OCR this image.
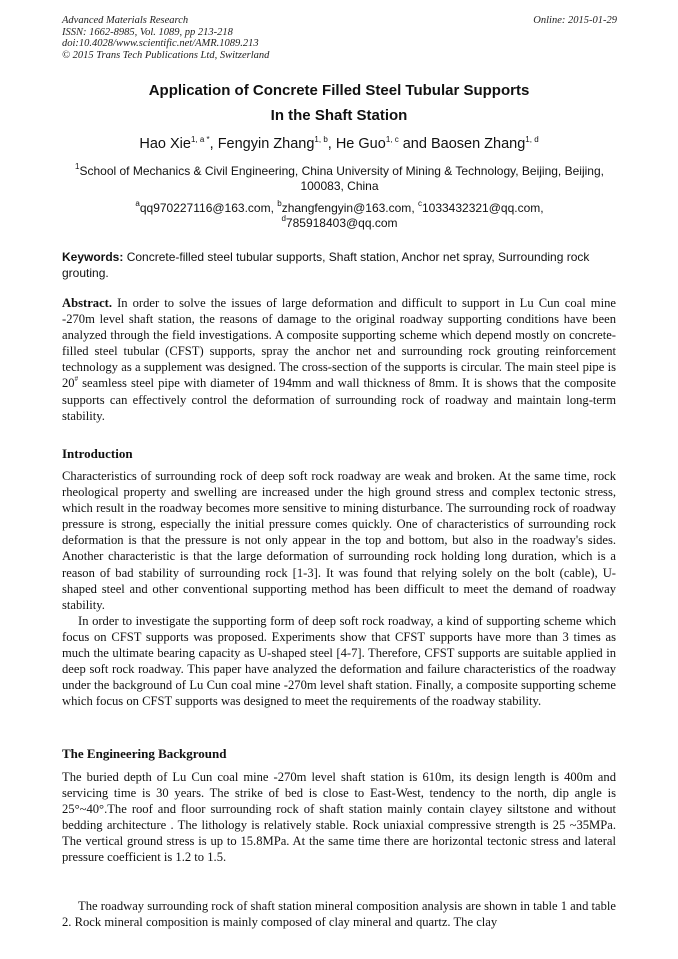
Advanced Materials Research
ISSN: 1662-8985, Vol. 1089, pp 213-218
doi:10.4028/www.scientific.net/AMR.1089.213
© 2015 Trans Tech Publications Ltd, Switzerland
Online: 2015-01-29
Application of Concrete Filled Steel Tubular Supports
In the Shaft Station
Hao Xie$^{1, a *}$, Fengyin Zhang$^{1, b}$, He Guo$^{1, c}$ and Baosen Zhang$^{1, d}$
$^1$School of Mechanics & Civil Engineering, China University of Mining & Technology, Beijing, Beijing, 100083, China
$^a$qq970227116@163.com, $^b$zhangfengyin@163.com, $^c$1033432321@qq.com,
$^d$785918403@qq.com
Keywords: Concrete-filled steel tubular supports, Shaft station, Anchor net spray, Surrounding rock grouting.
Abstract. In order to solve the issues of large deformation and difficult to support in Lu Cun coal mine -270m level shaft station, the reasons of damage to the original roadway supporting conditions have been analyzed through the field investigations. A composite supporting scheme which depend mostly on concrete-filled steel tubular (CFST) supports, spray the anchor net and surrounding rock grouting reinforcement technology as a supplement was designed. The cross-section of the supports is circular. The main steel pipe is 20# seamless steel pipe with diameter of 194mm and wall thickness of 8mm. It is shows that the composite supports can effectively control the deformation of surrounding rock of roadway and maintain long-term stability.
Introduction
Characteristics of surrounding rock of deep soft rock roadway are weak and broken. At the same time, rock rheological property and swelling are increased under the high ground stress and complex tectonic stress, which result in the roadway becomes more sensitive to mining disturbance. The surrounding rock of roadway pressure is strong, especially the initial pressure comes quickly. One of characteristics of surrounding rock deformation is that the pressure is not only appear in the top and bottom, but also in the roadway's sides. Another characteristic is that the large deformation of surrounding rock holding long duration, which is a reason of bad stability of surrounding rock [1-3]. It was found that relying solely on the bolt (cable), U-shaped steel and other conventional supporting method has been difficult to meet the demand of roadway stability.
In order to investigate the supporting form of deep soft rock roadway, a kind of supporting scheme which focus on CFST supports was proposed. Experiments show that CFST supports have more than 3 times as much the ultimate bearing capacity as U-shaped steel [4-7]. Therefore, CFST supports are suitable applied in deep soft rock roadway. This paper have analyzed the deformation and failure characteristics of the roadway under the background of Lu Cun coal mine -270m level shaft station. Finally, a composite supporting scheme which focus on CFST supports was designed to meet the requirements of the roadway stability.
The Engineering Background
The buried depth of Lu Cun coal mine -270m level shaft station is 610m, its design length is 400m and servicing time is 30 years. The strike of bed is close to East-West, tendency to the north, dip angle is 25°~40°.The roof and floor surrounding rock of shaft station mainly contain clayey siltstone and without bedding architecture . The lithology is relatively stable. Rock uniaxial compressive strength is 25 ~35MPa. The vertical ground stress is up to 15.8MPa. At the same time there are horizontal tectonic stress and lateral pressure coefficient is 1.2 to 1.5.
The roadway surrounding rock of shaft station mineral composition analysis are shown in table 1 and table 2. Rock mineral composition is mainly composed of clay mineral and quartz. The clay
